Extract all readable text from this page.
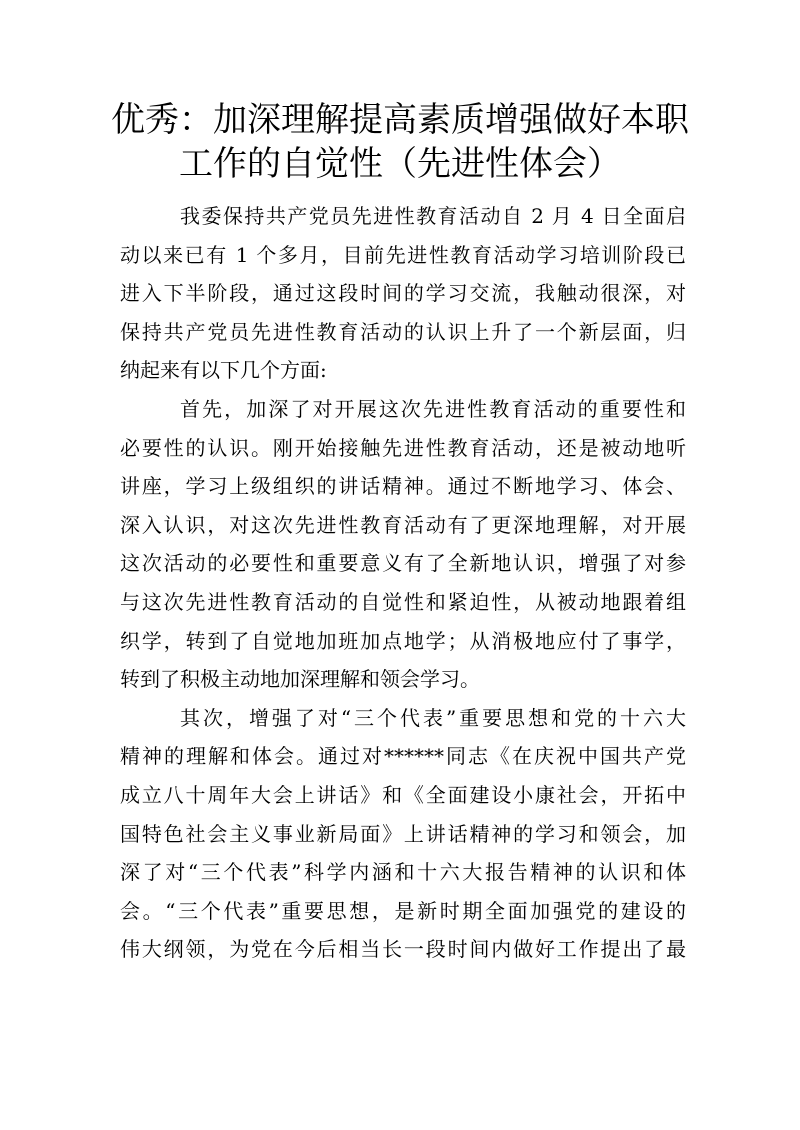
优秀：加深理解提高素质增强做好本职
工作的自觉性（先进性体会）
我委保持共产党员先进性教育活动自 2 月 4 日全面启
动以来已有 1 个多月，目前先进性教育活动学习培训阶段已
进入下半阶段，通过这段时间的学习交流，我触动很深，对
保持共产党员先进性教育活动的认识上升了一个新层面，归
纳起来有以下几个方面:
首先，加深了对开展这次先进性教育活动的重要性和
必要性的认识。刚开始接触先进性教育活动，还是被动地听
讲座，学习上级组织的讲话精神。通过不断地学习、体会、
深入认识，对这次先进性教育活动有了更深地理解，对开展
这次活动的必要性和重要意义有了全新地认识，增强了对参
与这次先进性教育活动的自觉性和紧迫性，从被动地跟着组
织学，转到了自觉地加班加点地学；从消极地应付了事学，
转到了积极主动地加深理解和领会学习。
其次，增强了对“三个代表”重要思想和党的十六大
精神的理解和体会。通过对******同志《在庆祝中国共产党
成立八十周年大会上讲话》和《全面建设小康社会，开拓中
国特色社会主义事业新局面》上讲话精神的学习和领会，加
深了对“三个代表”科学内涵和十六大报告精神的认识和体
会。“三个代表”重要思想，是新时期全面加强党的建设的
伟大纲领，为党在今后相当长一段时间内做好工作提出了最
